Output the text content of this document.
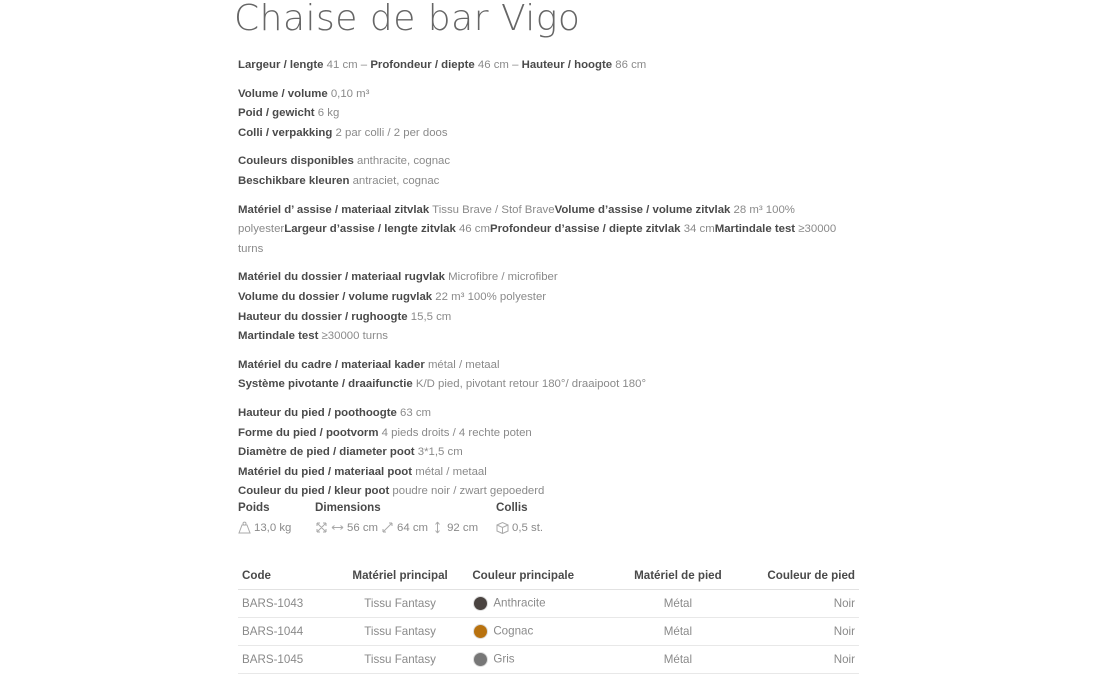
Chaise de bar Vigo
Largeur / lengte 41 cm – Profondeur / diepte 46 cm – Hauteur / hoogte 86 cm
Volume / volume 0,10 m³
Poid / gewicht 6 kg
Colli / verpakking 2 par colli / 2 per doos
Couleurs disponibles anthracite, cognac
Beschikbare kleuren antraciet, cognac
Matériel d’ assise / materiaal zitvlak Tissu Brave / Stof BraveVolume d’assise / volume zitvlak 28 m³ 100% polyesterLargeur d’assise / lengte zitvlak 46 cmProfondeur d’assise / diepte zitvlak 34 cmMartindale test ≥30000 turns
Matériel du dossier / materiaal rugvlak Microfibre / microfiber
Volume du dossier / volume rugvlak 22 m³ 100% polyester
Hauteur du dossier / rughoogte 15,5 cm
Martindale test ≥30000 turns
Matériel du cadre / materiaal kader métal / metaal
Système pivotante / draaifunctie K/D pied, pivotant retour 180°/ draaipoot 180°
Hauteur du pied / poothoogte 63 cm
Forme du pied / pootvorm 4 pieds droits / 4 rechte poten
Diamètre de pied / diameter poot 3*1,5 cm
Matériel du pied / materiaal poot métal / metaal
Couleur du pied / kleur poot poudre noir / zwart gepoederd
Poids
13,0 kg
Dimensions
56 cm 64 cm 92 cm
Collis
0,5 st.
Code	Matériel principal	Couleur principale	Matériel de pied	Couleur de pied
BARS-1043	Tissu Fantasy	Anthracite	Métal	Noir
BARS-1044	Tissu Fantasy	Cognac	Métal	Noir
BARS-1045	Tissu Fantasy	Gris	Métal	Noir
